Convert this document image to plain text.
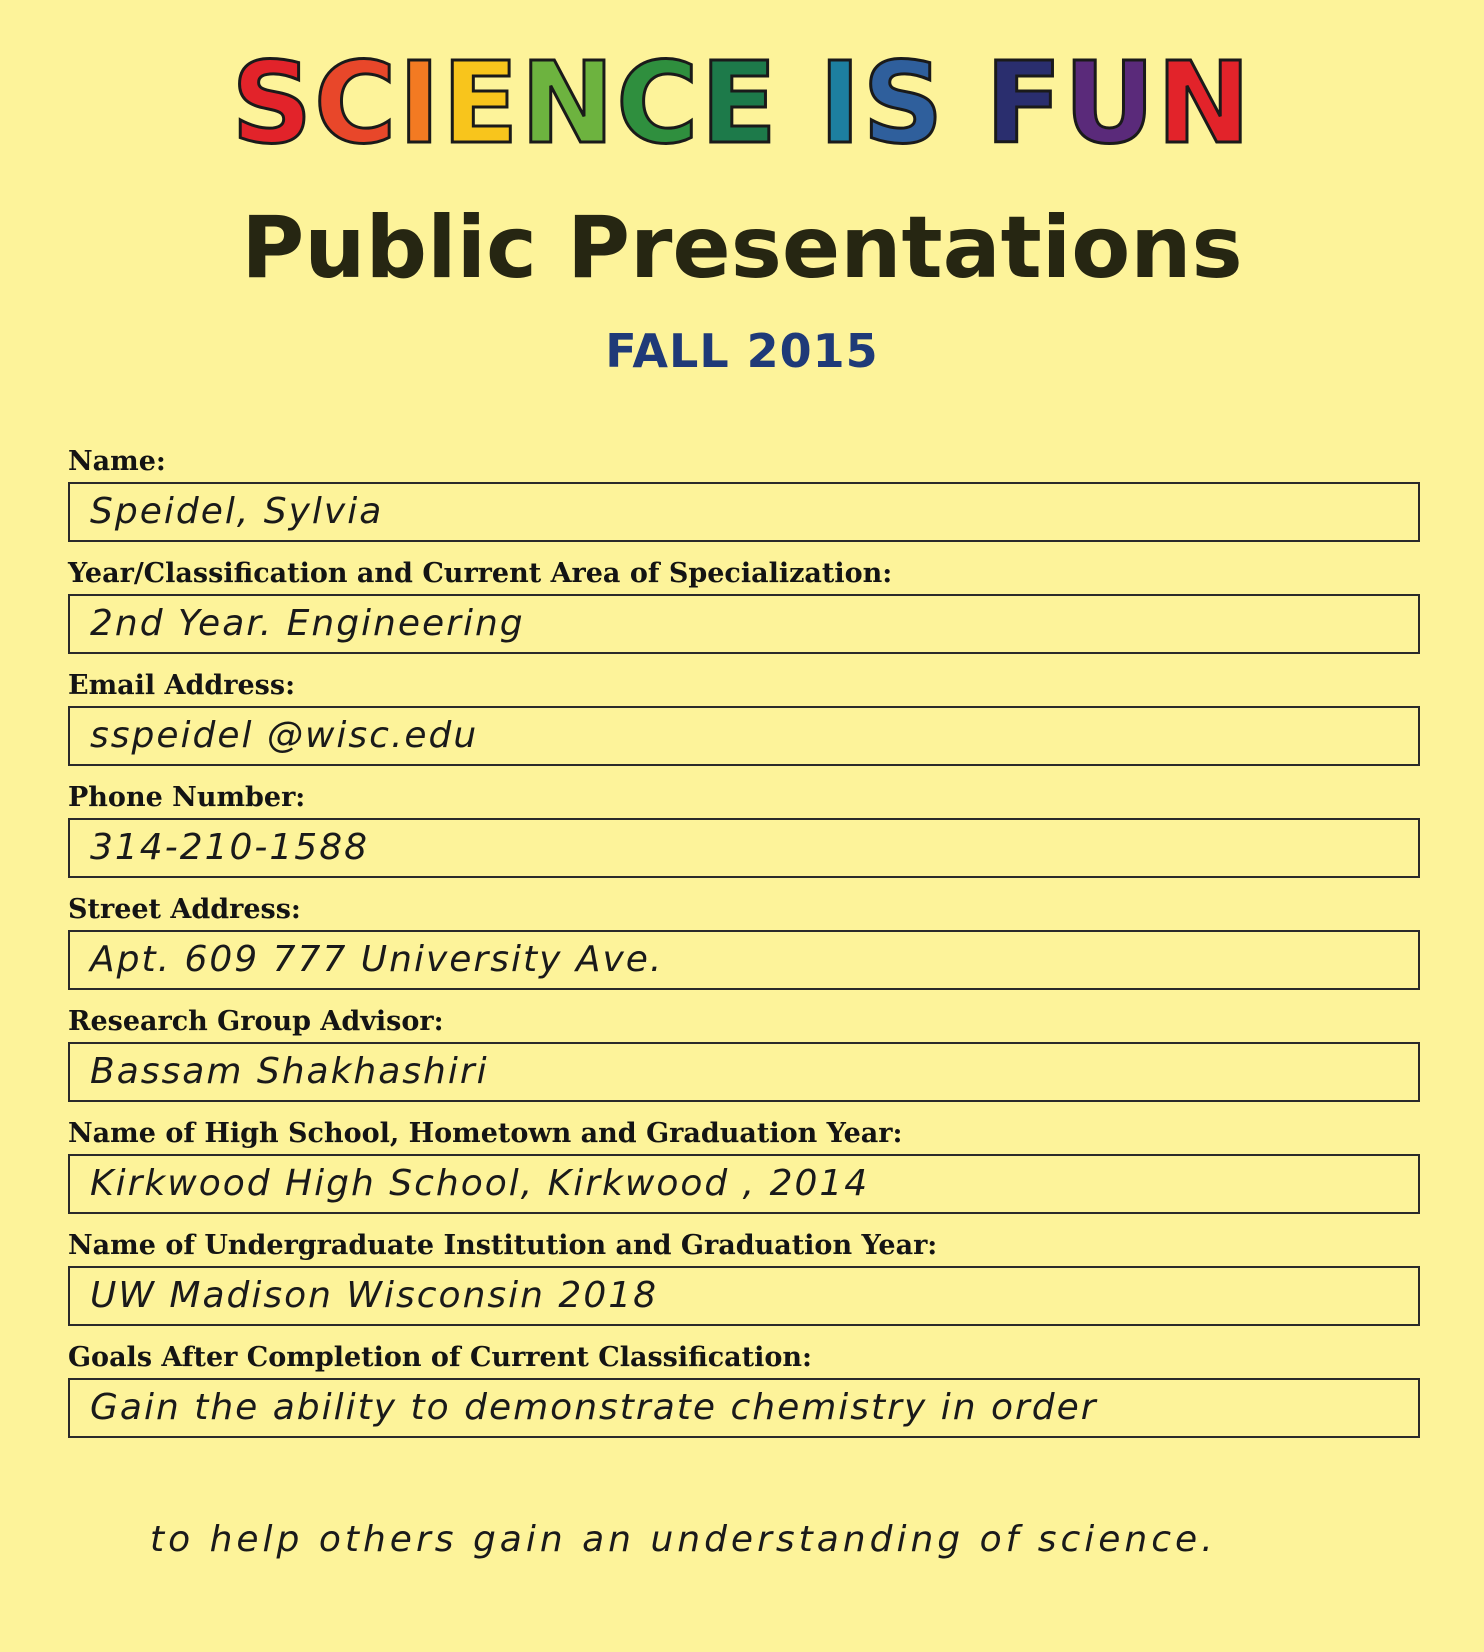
SCIENCE IS FUN
Public Presentations
FALL 2015
Name:
Speidel, Sylvia
Year/Classification and Current Area of Specialization:
2nd Year. Engineering
Email Address:
sspeidel @wisc.edu
Phone Number:
314-210-1588
Street Address:
Apt. 609 777 University Ave.
Research Group Advisor:
Bassam Shakhashiri
Name of High School, Hometown and Graduation Year:
Kirkwood High School, Kirkwood , 2014
Name of Undergraduate Institution and Graduation Year:
UW Madison Wisconsin 2018
Goals After Completion of Current Classification:
Gain the ability to demonstrate chemistry in order
to help others gain an understanding of science.
